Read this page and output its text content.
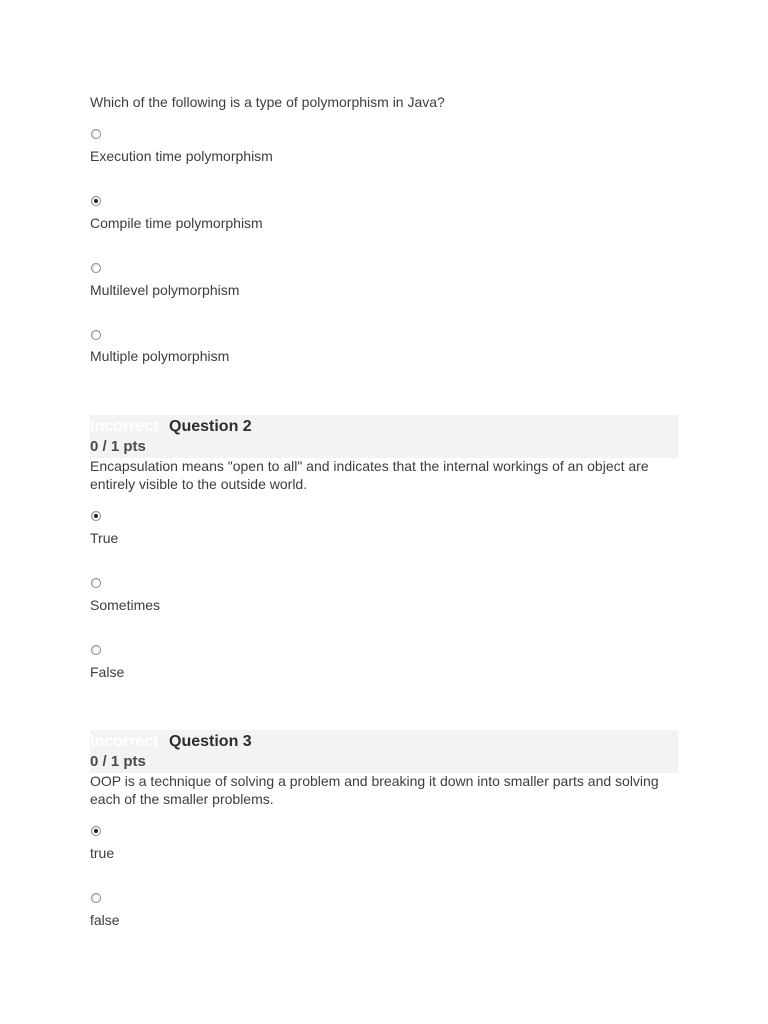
Which of the following is a type of polymorphism in Java?

Execution time polymorphism
Compile time polymorphism
Multilevel polymorphism
Multiple polymorphism
Incorrect Question 2
0 / 1 pts

Encapsulation means "open to all" and indicates that the internal workings of an object are entirely visible to the outside world.

True
Sometimes
False
Incorrect Question 3
0 / 1 pts

OOP is a technique of solving a problem and breaking it down into smaller parts and solving each of the smaller problems.

true
false
